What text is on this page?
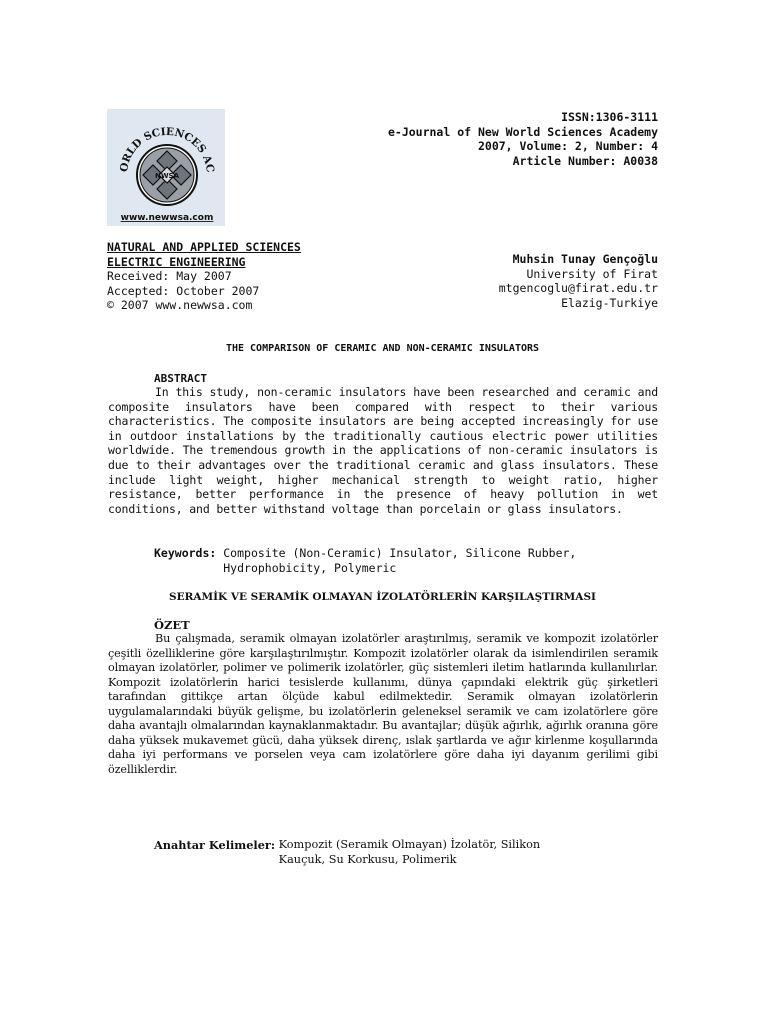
NWSA
ORLD SCIENCES AC
www.newwsa.com
ISSN:1306-3111
e-Journal of New World Sciences Academy
2007, Volume: 2, Number: 4
Article Number: A0038
NATURAL AND APPLIED SCIENCES
ELECTRIC ENGINEERING
Received: May 2007
Accepted: October 2007
© 2007 www.newwsa.com
Muhsin Tunay Gençoğlu
University of Firat
mtgencoglu@firat.edu.tr
Elazig-Turkiye
THE COMPARISON OF CERAMIC AND NON-CERAMIC INSULATORS
ABSTRACT

In this study, non-ceramic insulators have been researched and ceramic and composite insulators have been compared with respect to their various characteristics. The composite insulators are being accepted increasingly for use in outdoor installations by the traditionally cautious electric power utilities worldwide. The tremendous growth in the applications of non-ceramic insulators is due to their advantages over the traditional ceramic and glass insulators. These include light weight, higher mechanical strength to weight ratio, higher resistance, better performance in the presence of heavy pollution in wet conditions, and better withstand voltage than porcelain or glass insulators.

Keywords:
Composite (Non-Ceramic) Insulator, Silicone Rubber,
Hydrophobicity, Polymeric
SERAMİK VE SERAMİK OLMAYAN İZOLATÖRLERİN KARŞILAŞTIRMASI
ÖZET

Bu çalışmada, seramik olmayan izolatörler araştırılmış, seramik ve kompozit izolatörler çeşitli özelliklerine göre karşılaştırılmıştır. Kompozit izolatörler olarak da isimlendirilen seramik olmayan izolatörler, polimer ve polimerik izolatörler, güç sistemleri iletim hatlarında kullanılırlar. Kompozit izolatörlerin harici tesislerde kullanımı, dünya çapındaki elektrik güç şirketleri tarafından gittikçe artan ölçüde kabul edilmektedir. Seramik olmayan izolatörlerin uygulamalarındaki büyük gelişme, bu izolatörlerin geleneksel seramik ve cam izolatörlere göre daha avantajlı olmalarından kaynaklanmaktadır. Bu avantajlar; düşük ağırlık, ağırlık oranına göre daha yüksek mukavemet gücü, daha yüksek direnç, ıslak şartlarda ve ağır kirlenme koşullarında daha iyi performans ve porselen veya cam izolatörlere göre daha iyi dayanım gerilimi gibi özelliklerdir.

Anahtar Kelimeler:
Kompozit (Seramik Olmayan) İzolatör, Silikon
Kauçuk, Su Korkusu, Polimerik
